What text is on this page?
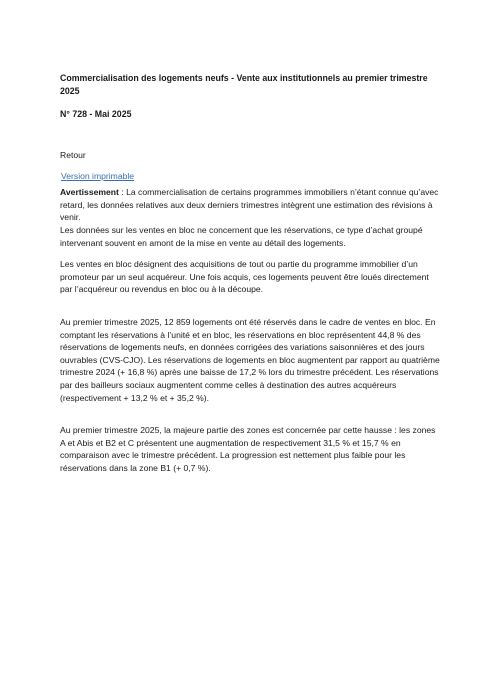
Commercialisation des logements neufs - Vente aux institutionnels au premier trimestre 2025

N° 728 - Mai 2025

Retour
Version imprimable

Avertissement : La commercialisation de certains programmes immobiliers n’étant connue qu’avec retard, les données relatives aux deux derniers trimestres intègrent une estimation des révisions à venir.

Les données sur les ventes en bloc ne concernent que les réservations, ce type d’achat groupé intervenant souvent en amont de la mise en vente au détail des logements.

Les ventes en bloc désignent des acquisitions de tout ou partie du programme immobilier d’un promoteur par un seul acquéreur. Une fois acquis, ces logements peuvent être loués directement par l’acquéreur ou revendus en bloc ou à la découpe.

Au premier trimestre 2025, 12 859 logements ont été réservés dans le cadre de ventes en bloc. En comptant les réservations à l’unité et en bloc, les réservations en bloc représentent 44,8 % des réservations de logements neufs, en données corrigées des variations saisonnières et des jours ouvrables (CVS-CJO). Les réservations de logements en bloc augmentent par rapport au quatrième trimestre 2024 (+ 16,8 %) après une baisse de 17,2 % lors du trimestre précédent. Les réservations par des bailleurs sociaux augmentent comme celles à destination des autres acquéreurs (respectivement + 13,2 % et + 35,2 %).

Au premier trimestre 2025, la majeure partie des zones est concernée par cette hausse : les zones A et Abis et B2 et C présentent une augmentation de respectivement 31,5 % et 15,7 % en comparaison avec le trimestre précédent. La progression est nettement plus faible pour les réservations dans la zone B1 (+ 0,7 %).
